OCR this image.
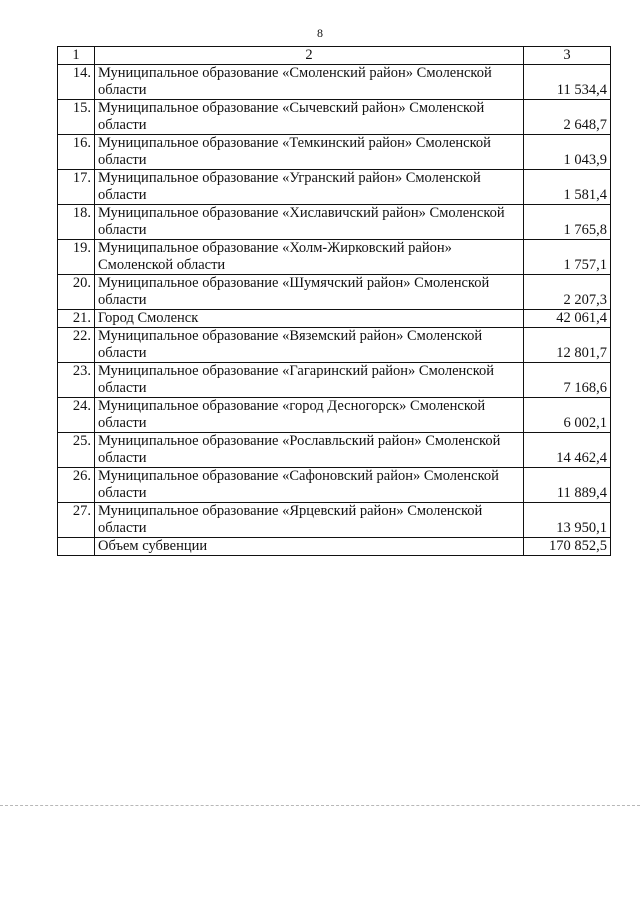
8
1	2	3
14.	Муниципальное образование «Смоленский район» Смоленской области	11 534,4
15.	Муниципальное образование «Сычевский район» Смоленской области	2 648,7
16.	Муниципальное образование «Темкинский район» Смоленской области	1 043,9
17.	Муниципальное образование «Угранский район» Смоленской области	1 581,4
18.	Муниципальное образование «Хиславичский район» Смоленской области	1 765,8
19.	Муниципальное образование «Холм-Жирковский район» Смоленской области	1 757,1
20.	Муниципальное образование «Шумячский район» Смоленской области	2 207,3
21.	Город Смоленск	42 061,4
22.	Муниципальное образование «Вяземский район» Смоленской области	12 801,7
23.	Муниципальное образование «Гагаринский район» Смоленской области	7 168,6
24.	Муниципальное образование «город Десногорск» Смоленской области	6 002,1
25.	Муниципальное образование «Рославльский район» Смоленской области	14 462,4
26.	Муниципальное образование «Сафоновский район» Смоленской области	11 889,4
27.	Муниципальное образование «Ярцевский район» Смоленской области	13 950,1
	Объем субвенции	170 852,5
